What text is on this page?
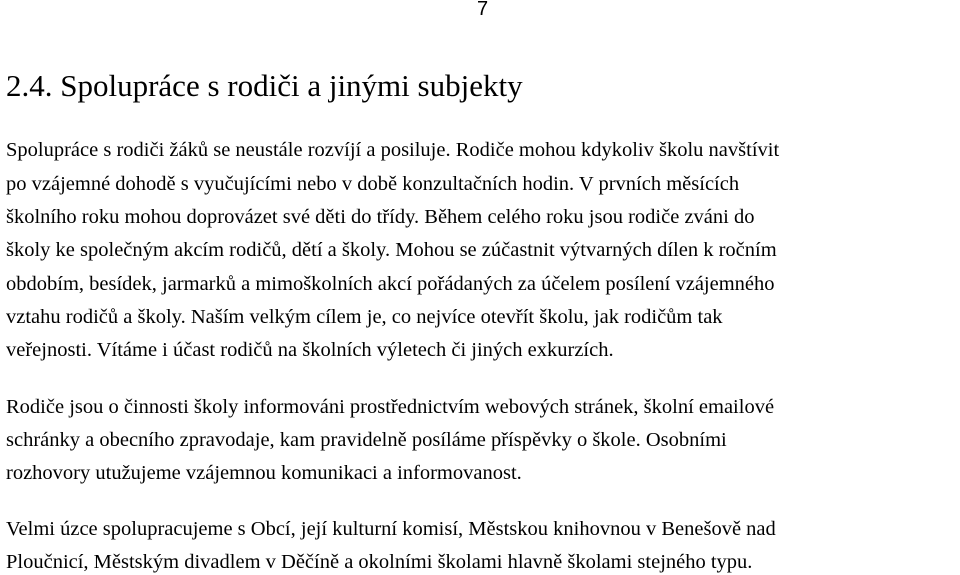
7
2.4. Spolupráce s rodiči a jinými subjekty
Spolupráce s rodiči žáků se neustále rozvíjí a posiluje. Rodiče mohou kdykoliv školu navštívit
po vzájemné dohodě s vyučujícími nebo v době konzultačních hodin. V prvních měsících
školního roku mohou doprovázet své děti do třídy. Během celého roku jsou rodiče zváni do
školy ke společným akcím rodičů, dětí a školy. Mohou se zúčastnit výtvarných dílen k ročním
obdobím, besídek, jarmarků a mimoškolních akcí pořádaných za účelem posílení vzájemného
vztahu rodičů a školy. Naším velkým cílem je, co nejvíce otevřít školu, jak rodičům tak
veřejnosti. Vítáme i účast rodičů na školních výletech či jiných exkurzích.
Rodiče jsou o činnosti školy informováni prostřednictvím webových stránek, školní emailové
schránky a obecního zpravodaje, kam pravidelně posíláme příspěvky o škole. Osobními
rozhovory utužujeme vzájemnou komunikaci a informovanost.
Velmi úzce spolupracujeme s Obcí, její kulturní komisí, Městskou knihovnou v Benešově nad
Ploučnicí, Městským divadlem v Děčíně a okolními školami hlavně školami stejného typu.
